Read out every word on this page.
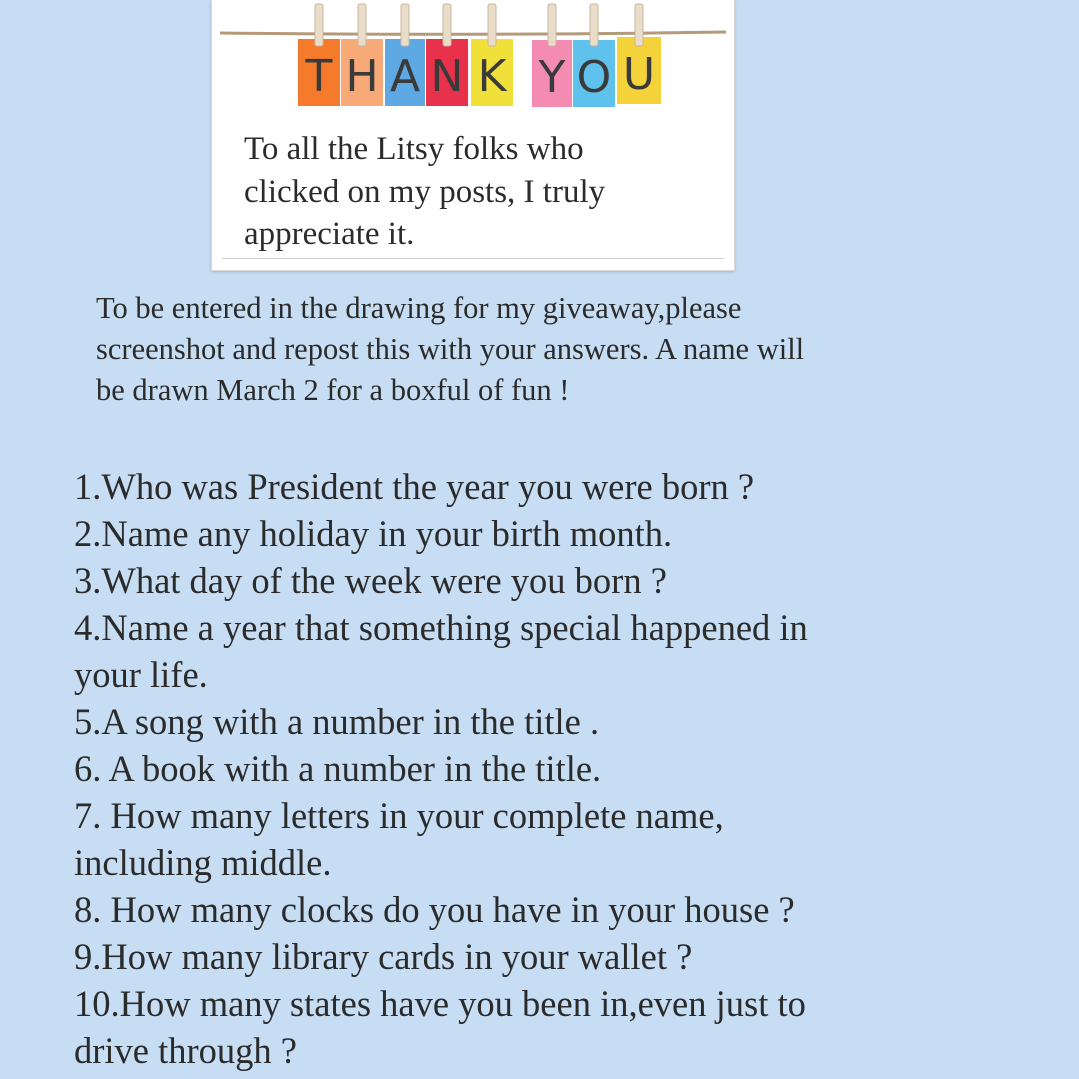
T H A N K Y O U

To all the Litsy folks who
clicked on my posts, I truly
appreciate it.

To be entered in the drawing for my giveaway,please
screenshot and repost this with your answers. A name will
be drawn March 2 for a boxful of fun !

1.Who was President the year you were born ?
2.Name any holiday in your birth month.
3.What day of the week were you born ?
4.Name a year that something special happened in
your life.
5.A song with a number in the title .
6. A book with a number in the title.
7. How many letters in your complete name,
including middle.
8. How many clocks do you have in your house ?
9.How many library cards in your wallet ?
10.How many states have you been in,even just to
drive through ?
